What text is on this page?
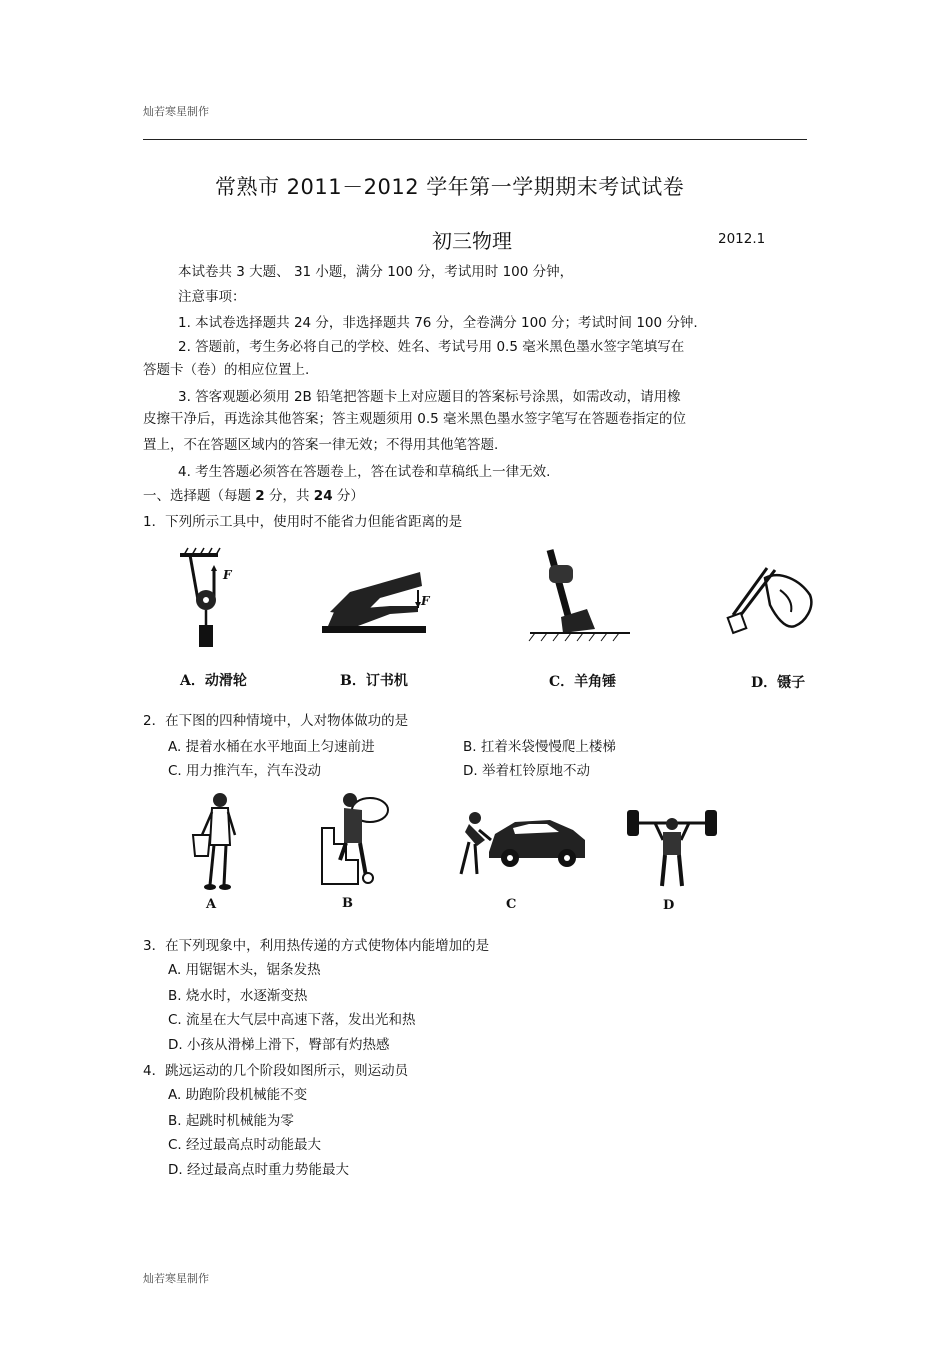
灿若寒星制作
常熟市 2011－2012 学年第一学期期末考试试卷
初三物理	2012.1
本试卷共 3 大题、 31 小题，满分 100 分，考试用时 100 分钟，
注意事项：
1. 本试卷选择题共 24 分，非选择题共 76 分，全卷满分 100 分；考试时间 100 分钟.
2. 答题前，考生务必将自己的学校、姓名、考试号用 0.5 毫米黑色墨水签字笔填写在
答题卡（卷）的相应位置上.
3. 答客观题必须用 2B 铅笔把答题卡上对应题目的答案标号涂黑，如需改动，请用橡
皮擦干净后，再选涂其他答案；答主观题须用 0.5 毫米黑色墨水签字笔写在答题卷指定的位
置上，不在答题区域内的答案一律无效；不得用其他笔答题.
4. 考生答题必须答在答题卷上，答在试卷和草稿纸上一律无效.
一、选择题（每题 2 分，共 24 分）
1．下列所示工具中，使用时不能省力但能省距离的是
F
F
A．动滑轮	B．订书机	C．羊角锤	D．镊子
2．在下图的四种情境中，人对物体做功的是
A. 提着水桶在水平地面上匀速前进	B. 扛着米袋慢慢爬上楼梯
C. 用力推汽车，汽车没动	D. 举着杠铃原地不动
A	B	C	D
3．在下列现象中，利用热传递的方式使物体内能增加的是
A. 用锯锯木头，锯条发热
B. 烧水时，水逐渐变热
C. 流星在大气层中高速下落，发出光和热
D. 小孩从滑梯上滑下，臀部有灼热感
4．跳远运动的几个阶段如图所示，则运动员
A. 助跑阶段机械能不变
B. 起跳时机械能为零
C. 经过最高点时动能最大
D. 经过最高点时重力势能最大
灿若寒星制作
